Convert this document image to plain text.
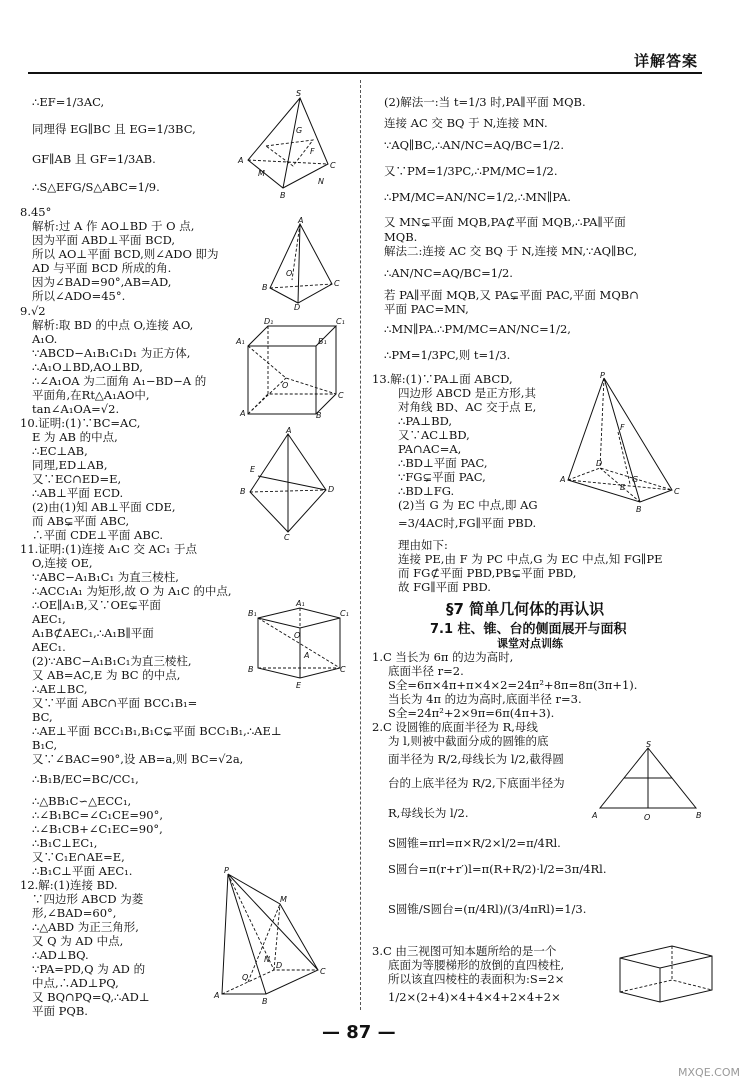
详解答案
∴EF=1/3AC,
同理得 EG∥BC 且 EG=1/3BC,
GF∥AB 且 GF=1/3AB.
∴S△EFG/S△ABC=1/9.
8.45°
解析:过 A 作 AO⊥BD 于 O 点,
因为平面 ABD⊥平面 BCD,
所以 AO⊥平面 BCD,则∠ADO 即为
AD 与平面 BCD 所成的角.
因为∠BAD=90°,AB=AD,
所以∠ADO=45°.
9.√2
解析:取 BD 的中点 O,连接 AO,
A₁O.
∵ABCD−A₁B₁C₁D₁ 为正方体,
∴A₁O⊥BD,AO⊥BD,
∴∠A₁OA 为二面角 A₁−BD−A 的
平面角,在Rt△A₁AO中,
tan∠A₁OA=√2.
10.证明:(1)∵BC=AC,
E 为 AB 的中点,
∴EC⊥AB,
同理,ED⊥AB,
又∵EC∩ED=E,
∴AB⊥平面 ECD.
(2)由(1)知 AB⊥平面 CDE,
而 AB⊊平面 ABC,
∴平面 CDE⊥平面 ABC.
11.证明:(1)连接 A₁C 交 AC₁ 于点
O,连接 OE,
∵ABC−A₁B₁C₁ 为直三棱柱,
∴ACC₁A₁ 为矩形,故 O 为 A₁C 的中点,
∴OE∥A₁B,又∵OE⊊平面
AEC₁,
A₁B⊄AEC₁,∴A₁B∥平面
AEC₁.
(2)∵ABC−A₁B₁C₁为直三棱柱,
又 AB=AC,E 为 BC 的中点,
∴AE⊥BC,
又∵平面 ABC∩平面 BCC₁B₁=
BC,
∴AE⊥平面 BCC₁B₁,B₁C⊊平面 BCC₁B₁,∴AE⊥
B₁C,
又∵∠BAC=90°,设 AB=a,则 BC=√2a,
∴B₁B/EC=BC/CC₁,
∴△BB₁C∽△ECC₁,
∴∠B₁BC=∠C₁CE=90°,
∴∠B₁CB+∠C₁EC=90°,
∴B₁C⊥EC₁,
又∵C₁E∩AE=E,
∴B₁C⊥平面 AEC₁.
12.解:(1)连接 BD.
∵四边形 ABCD 为菱
形,∠BAD=60°,
∴△ABD 为正三角形,
又 Q 为 AD 中点,
∴AD⊥BQ.
∵PA=PD,Q 为 AD 的
中点,∴AD⊥PQ,
又 BQ∩PQ=Q,∴AD⊥
平面 PQB.
(2)解法一:当 t=1/3 时,PA∥平面 MQB.
连接 AC 交 BQ 于 N,连接 MN.
∵AQ∥BC,∴AN/NC=AQ/BC=1/2.
又∵PM=1/3PC,∴PM/MC=1/2.
∴PM/MC=AN/NC=1/2,∴MN∥PA.
又 MN⊊平面 MQB,PA⊄平面 MQB,∴PA∥平面
MQB.
解法二:连接 AC 交 BQ 于 N,连接 MN,∵AQ∥BC,
∴AN/NC=AQ/BC=1/2.
若 PA∥平面 MQB,又 PA⊊平面 PAC,平面 MQB∩
平面 PAC=MN,
∴MN∥PA.∴PM/MC=AN/NC=1/2,
∴PM=1/3PC,则 t=1/3.
13.解:(1)∵PA⊥面 ABCD,
四边形 ABCD 是正方形,其
对角线 BD、AC 交于点 E,
∴PA⊥BD,
又∵AC⊥BD,
PA∩AC=A,
∴BD⊥平面 PAC,
∵FG⊊平面 PAC,
∴BD⊥FG.
(2)当 G 为 EC 中点,即 AG
=3/4AC时,FG∥平面 PBD.
理由如下:
连接 PE,由 F 为 PC 中点,G 为 EC 中点,知 FG∥PE
而 FG⊄平面 PBD,PB⊊平面 PBD,
故 FG∥平面 PBD.
§7 简单几何体的再认识
7.1 柱、锥、台的侧面展开与面积
课堂对点训练
1.C 当长为 6π 的边为高时,
底面半径 r=2.
S全=6π×4π+π×4×2=24π²+8π=8π(3π+1).
当长为 4π 的边为高时,底面半径 r=3.
S全=24π²+2×9π=6π(4π+3).
2.C 设圆锥的底面半径为 R,母线
为 l,则被中截面分成的圆锥的底
面半径为 R/2,母线长为 l/2,截得圆
台的上底半径为 R/2,下底面半径为
R,母线长为 l/2.
S圆锥=πrl=π×R/2×l/2=π/4Rl.
S圆台=π(r+r′)l=π(R+R/2)·l/2=3π/4Rl.
S圆锥/S圆台=(π/4Rl)/(3/4πRl)=1/3.
3.C 由三视图可知本题所给的是一个
底面为等腰梯形的放倒的直四棱柱,
所以该直四棱柱的表面积为:S=2×
1/2×(2+4)×4+4×4+2×4+2×
S
A
B
C
M
N
G
F
A
B
D
C
O
D₁	C₁
A₁	B₁
A	B
C
O
A
B
C
D
E
A₁
B₁	C₁
B
E
C
A
O
P
A
B
C
D
M
Q
N
P
A
B
C
D
F
E
G
S
A	O	B
— 87 —
MXQE.COM
